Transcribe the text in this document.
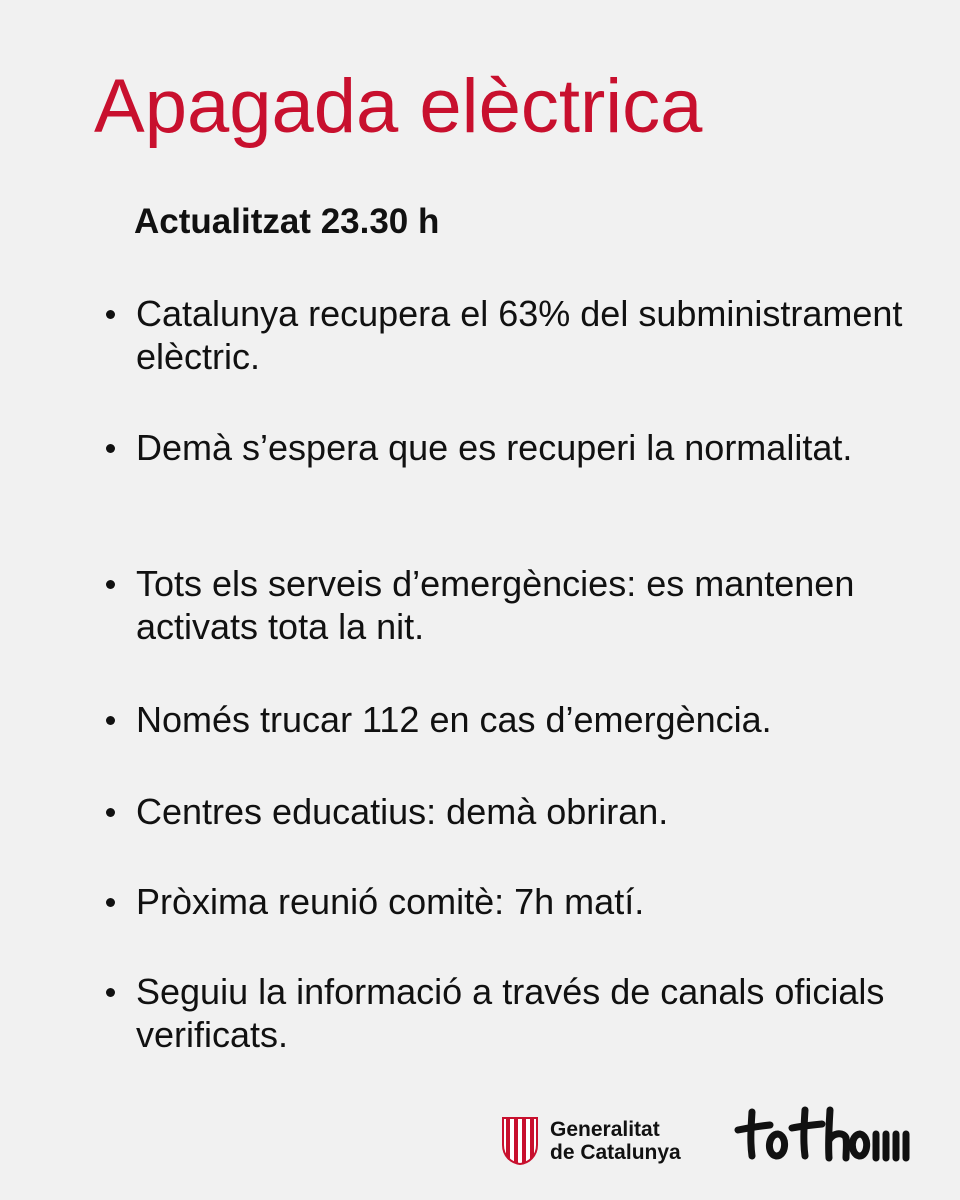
Apagada elèctrica
Actualitzat 23.30 h
Catalunya recupera el 63% del subministrament elèctric.
Demà s’espera que es recuperi la normalitat.
Tots els serveis d’emergències: es mantenen activats tota la nit.
Només trucar 112 en cas d’emergència.
Centres educatius: demà obriran.
Pròxima reunió comitè: 7h matí.
Seguiu la informació a través de canals oficials verificats.
Generalitat
de Catalunya
